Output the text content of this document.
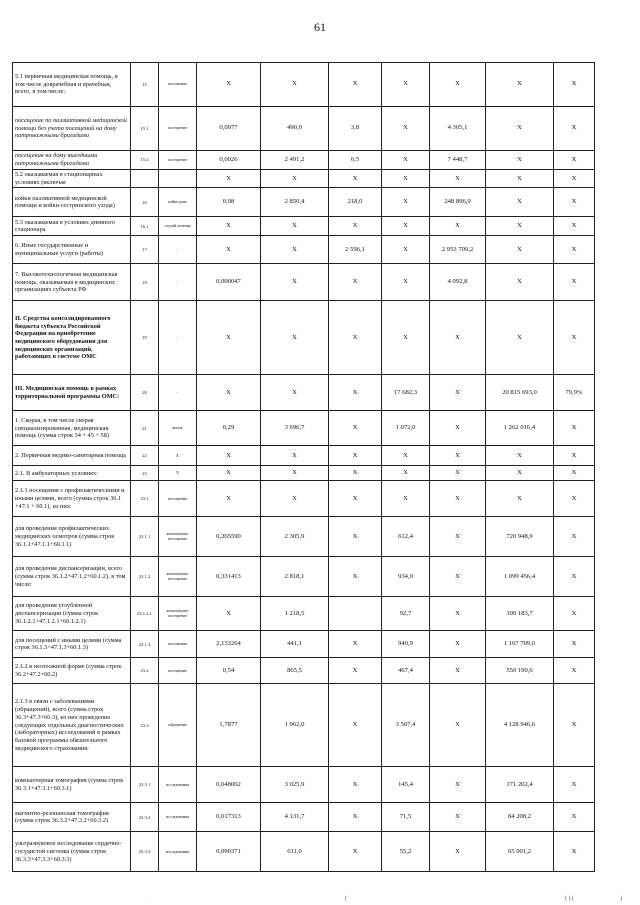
61
5.1 первичная медицинская помощь, в том числе доврачебная и врачебная, всего, в том числе:	15	посещение	X	X	X	X	X	X	X
посещение по паллиативной медицинской помощи без учета посещений на дому патронажными бригадами	15.1	посещение	0,0077	490,0	3,8	X	4 305,1	X	X
посещения на дому выездными патронажными бригадами	15.2	посещение	0,0026	2 491,2	6,5	X	7 448,7	X	X
5.2 оказываемая в стационарных условиях (включая			X	X	X	X	X	X	X
койки паллиативной медицинской помощи и койки сестринского ухода)	16	койко-день	0,08	2 850,4	218,0	X	248 896,9	X	X
5.3 оказываемая в условиях дневного стационара	16.1	случай лечения	X	X	X	X	X	X	X
6. Иные государственные и муниципальные услуги (работы)	17	-	X	X	2 596,1	X	2 953 709,2	X	X
7. Высокотехнологичная медицинская помощь, оказываемая в медицинских организациях субъекта РФ	18	-	0,000047	X	X	X	4 092,8	X	X
II. Средства консолидированного бюджета субъекта Российской Федерации на приобретение медицинского оборудования для медицинских организаций, работающих в системе ОМС	19	-	X	X	X	X	X	X	X
III. Медицинская помощь в рамках территориальной программы ОМС:	20	-	X	X	X	17 682,3	X	20 815 693,0	79,9%
1. Скорая, в том числе скорая специализированная, медицинская помощь (сумма строк 34 + 45 + 58)	21	вызов	0,29	3 696,7	X	1 072,0	X	1 262 016,4	X
2. Первичная медико-санитарная помощь	22	X	X	X	X	X	X	X	X
2.1. В амбулаторных условиях:	23	X	X	X	X	X	X	X	X
2.1.1 посещения с профилактическими и иными целями, всего (сумма строк 36.1 +47.1 + 60.1), из них:	23.1	посещения	X	X	X	X	X	X	X
для проведения профилактических медицинских осмотров (сумма строк 36.1.1+47.1.1+60.1.1)	23.1.1	комплексное посещение	0,265590	2 305,9	X	612,4	X	720 948,9	X
для проведения диспансеризации, всего (сумма строк 36.1.2+47.1.2+60.1.2), в том числе:	23.1.2	комплексное посещение	0,331413	2 818,1	X	934,0	X	1 099 456,4	X
для проведения углубленной диспансеризации (сумма строк 36.1.2.1+47.1.2.1+60.1.2.1)	23.1.2.1	комплексное посещение	X	1 218,5		92,7	X	109 183,7	X
для посещений с иными целями (сумма строк 36.1.3+47.1.3+60.1.3)	23.1.3	посещения	2,133264	441,1	X	940,9	X	1 107 709,6	X
2.1.2 в неотложной форме (сумма строк 36.2+47.2+60.2)	23.2	посещение	0,54	865,5	X	467,4	X	550 190,6	X
2.1.3 в связи с заболеваниями (обращений), всего (сумма строк 36.3+47.3+60.3), из них проведение следующих отдельных диагностических (лабораторных) исследований в рамках базовой программы обязательного медицинского страхования:	23.3	обращение	1,7877	1 962,0	X	3 507,4	X	4 128 946,6	X
компьютерная томография (сумма строк 36.3.1+47.3.1+60.3.1)	23.3.1	исследования	0,048062	3 025,9	X	145,4	X	171 202,4	X
магнитно-резонансная томография (сумма строк 36.3.2+47.3.2+60.3.2)	23.3.2	исследования	0,017313	4 131,7	X	71,5	X	84 208,2	X
ультразвуковое исследование сердечно-сосудистой системы (сумма строк 36.3.3+47.3.3+60.3.3)	23.3.3	исследования	0,090371	611,0	X	55,2	X	65 001,2	X
.	(	( ) (	)
